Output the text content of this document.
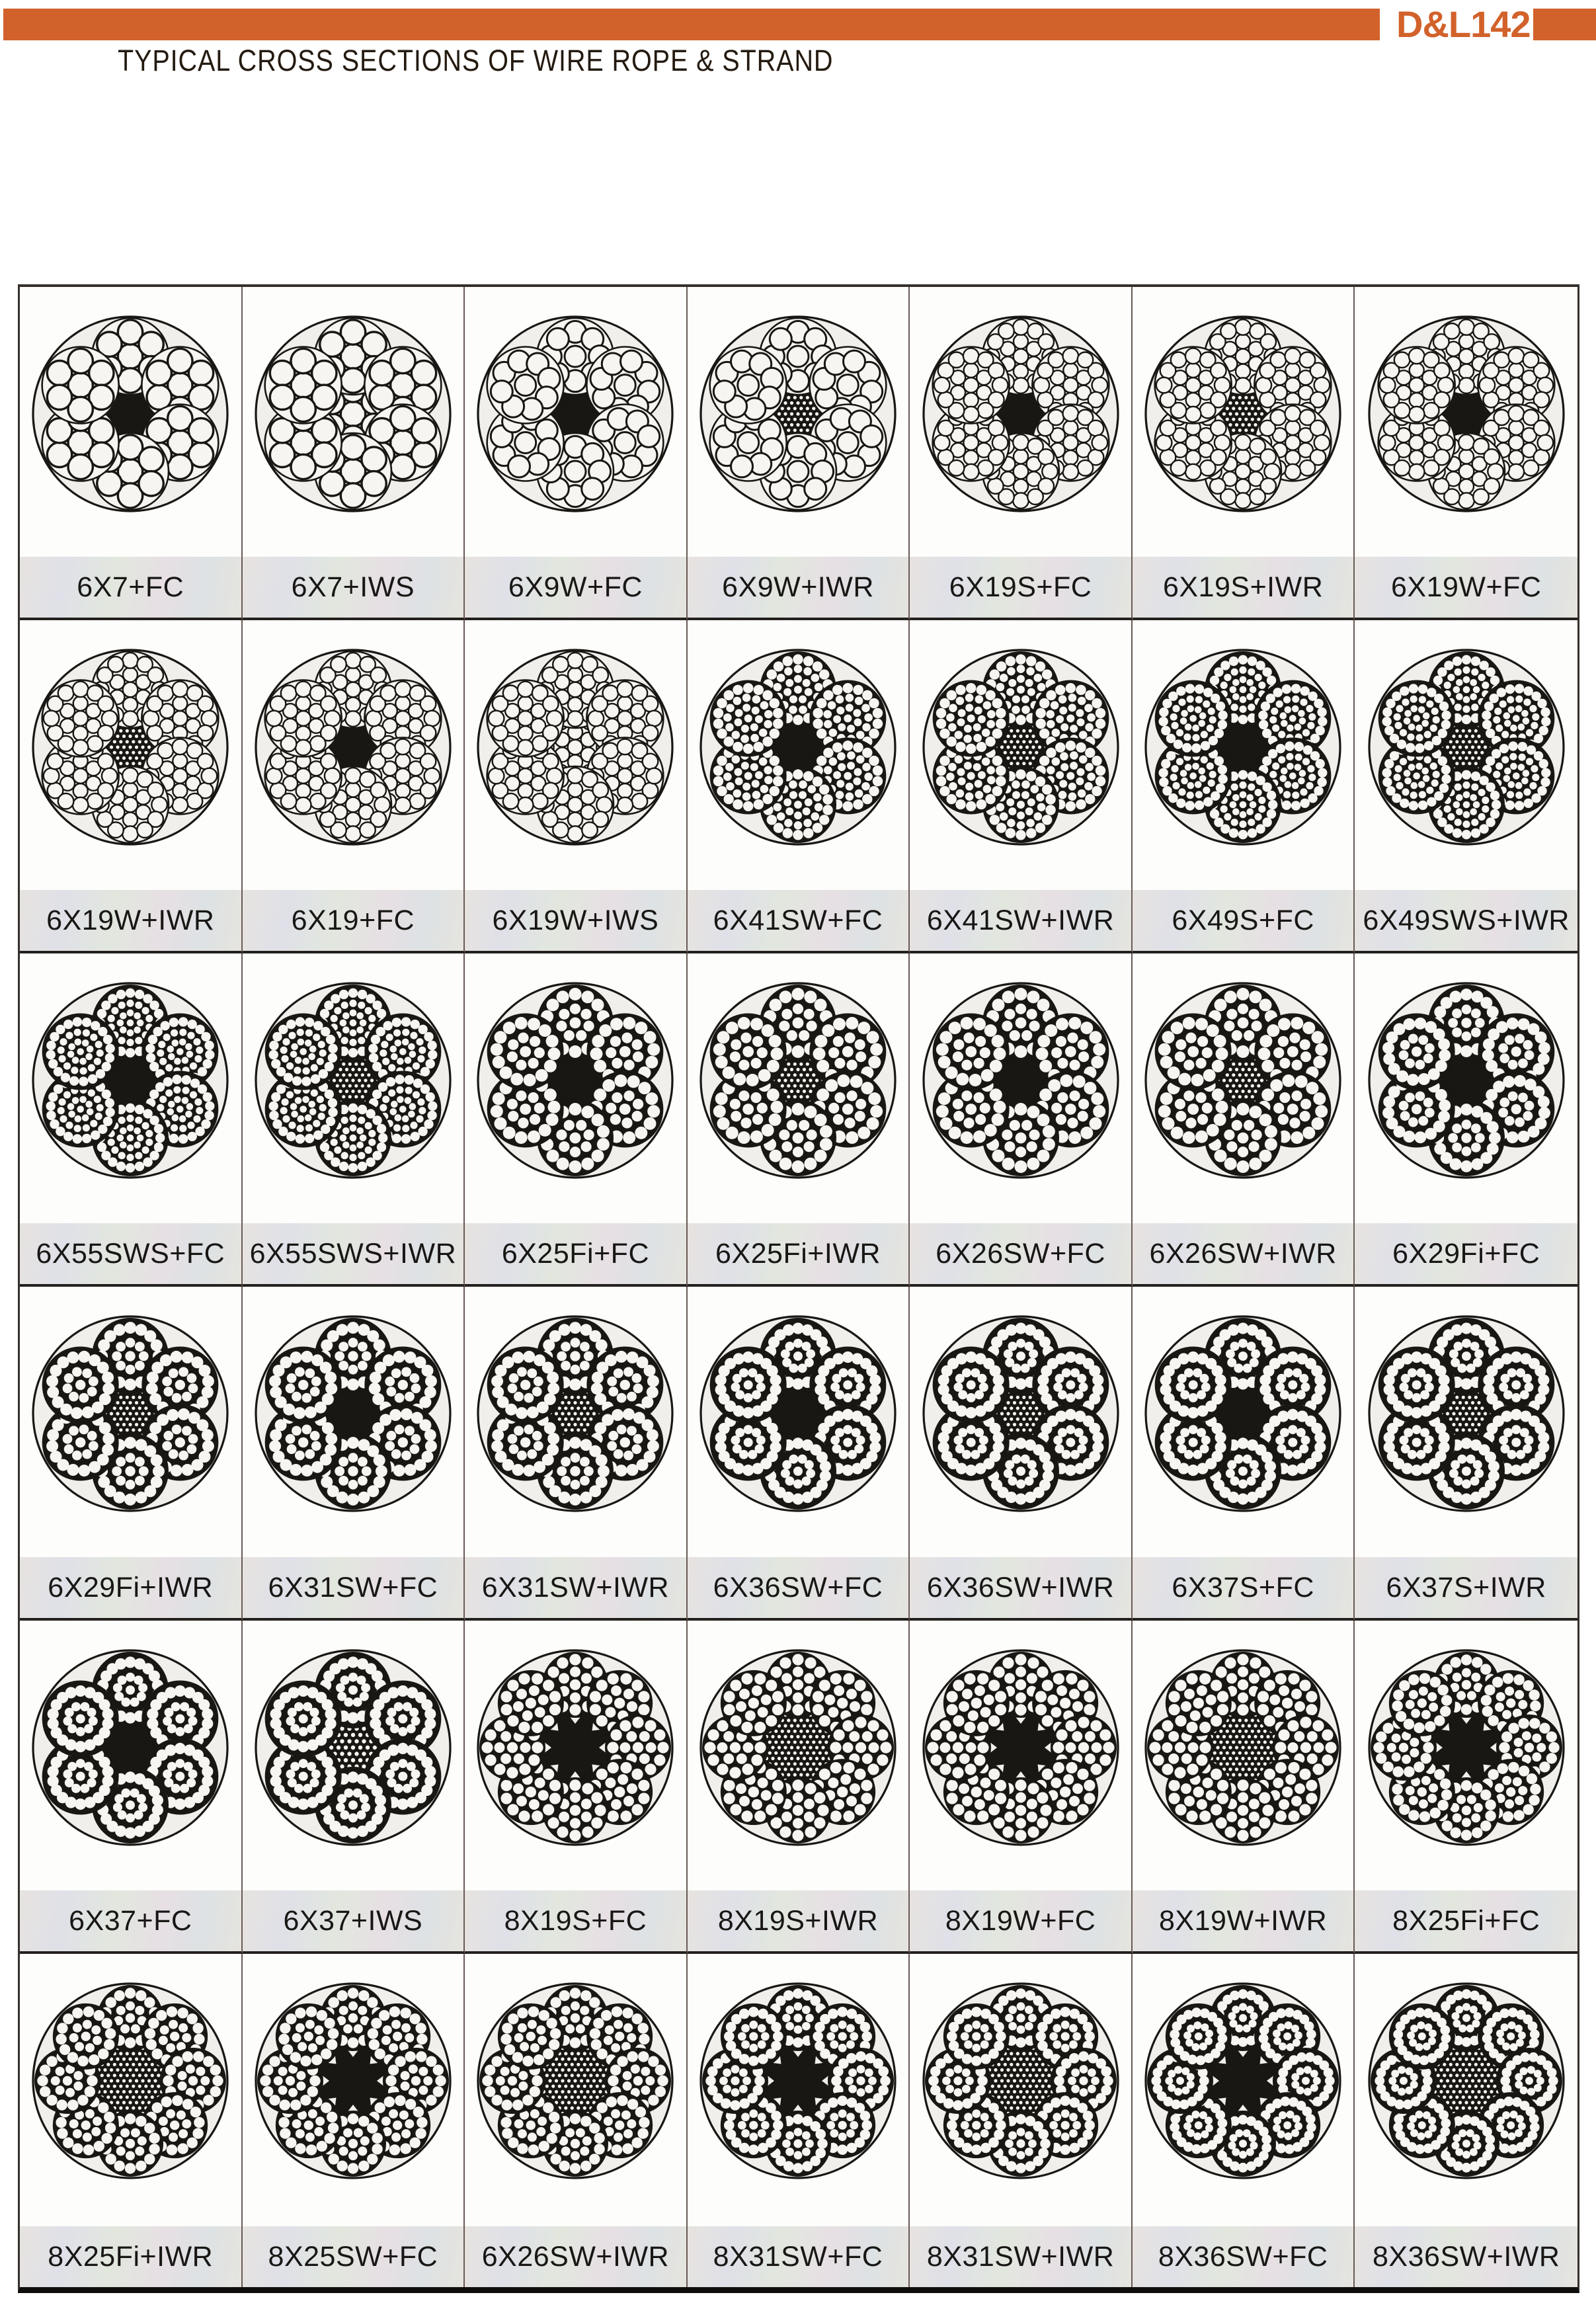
D&L142
TYPICAL CROSS SECTIONS OF WIRE ROPE & STRAND
6X7+FC	6X7+IWS	6X9W+FC	6X9W+IWR	6X19S+FC	6X19S+IWR	6X19W+FC
6X19W+IWR	6X19+FC	6X19W+IWS	6X41SW+FC	6X41SW+IWR	6X49S+FC	6X49SWS+IWR
6X55SWS+FC 6X55SWS+IWR	6X25Fi+FC	6X25Fi+IWR	6X26SW+FC	6X26SW+IWR	6X29Fi+FC
6X29Fi+IWR	6X31SW+FC	6X31SW+IWR	6X36SW+FC	6X36SW+IWR	6X37S+FC	6X37S+IWR
6X37+FC	6X37+IWS	8X19S+FC	8X19S+IWR	8X19W+FC	8X19W+IWR	8X25Fi+FC
8X25Fi+IWR	8X25SW+FC	6X26SW+IWR	8X31SW+FC	8X31SW+IWR	8X36SW+FC	8X36SW+IWR
